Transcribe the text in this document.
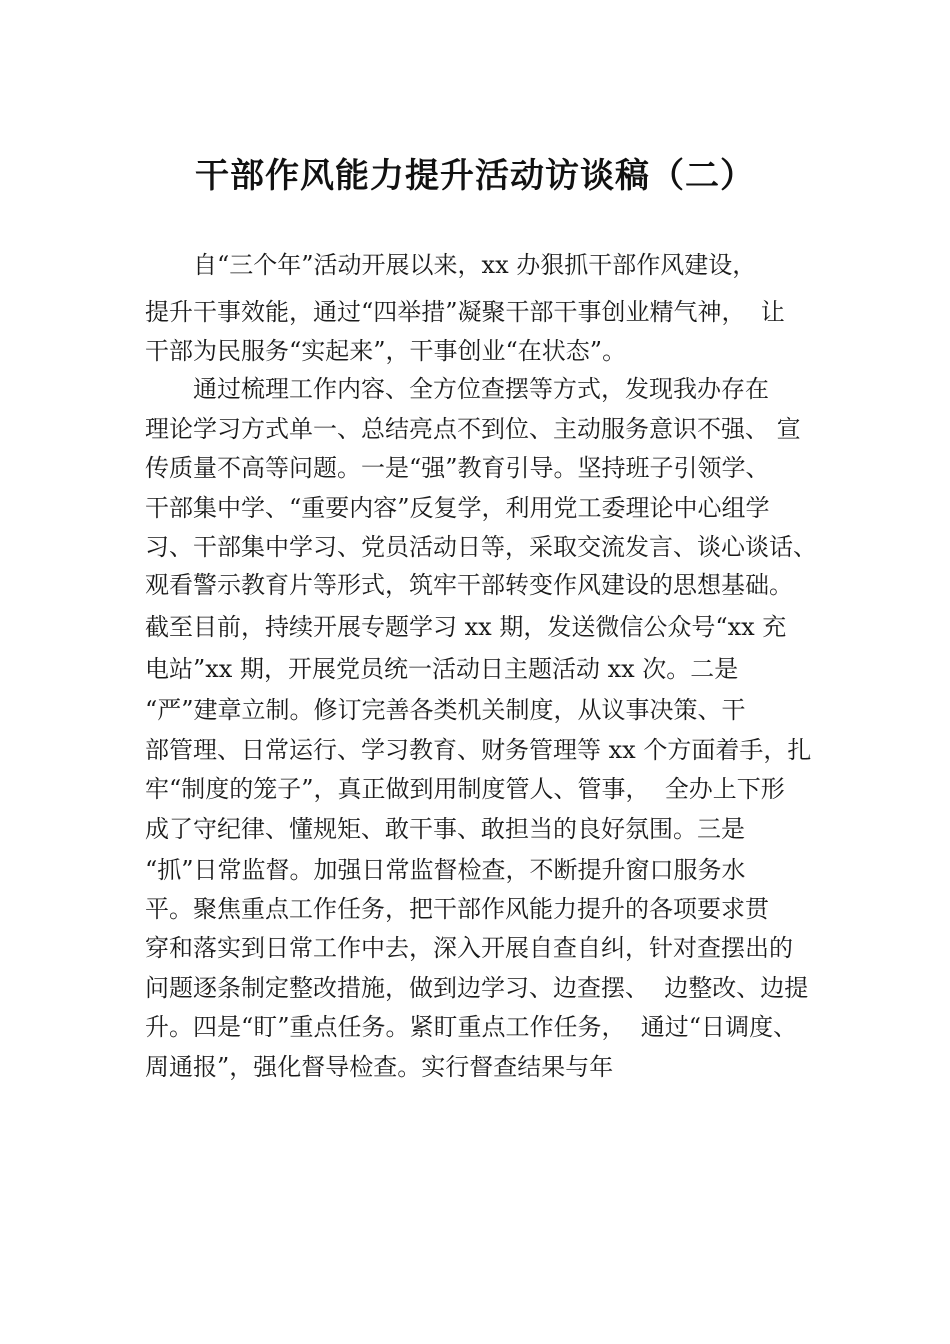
干部作风能力提升活动访谈稿（二）
　　自“三个年”活动开展以来，xx 办狠抓干部作风建设，
提升干事效能，通过“四举措”凝聚干部干事创业精气神，  让
干部为民服务“实起来”，干事创业“在状态”。
　　通过梳理工作内容、全方位查摆等方式，发现我办存在
理论学习方式单一、总结亮点不到位、主动服务意识不强、 宣
传质量不高等问题。一是“强”教育引导。坚持班子引领学、
干部集中学、“重要内容”反复学，利用党工委理论中心组学
习、干部集中学习、党员活动日等，采取交流发言、谈心谈话、
观看警示教育片等形式，筑牢干部转变作风建设的思想基础。
截至目前，持续开展专题学习 xx 期，发送微信公众号“xx 充
电站”xx 期，开展党员统一活动日主题活动 xx 次。二是
“严”建章立制。修订完善各类机关制度，从议事决策、干
部管理、日常运行、学习教育、财务管理等 xx 个方面着手，扎
牢“制度的笼子”，真正做到用制度管人、管事，  全办上下形
成了守纪律、懂规矩、敢干事、敢担当的良好氛围。三是
“抓”日常监督。加强日常监督检查，不断提升窗口服务水
平。聚焦重点工作任务，把干部作风能力提升的各项要求贯
穿和落实到日常工作中去，深入开展自查自纠，针对查摆出的
问题逐条制定整改措施，做到边学习、边查摆、  边整改、边提
升。四是“盯”重点任务。紧盯重点工作任务，  通过“日调度、
周通报”，强化督导检查。实行督查结果与年
